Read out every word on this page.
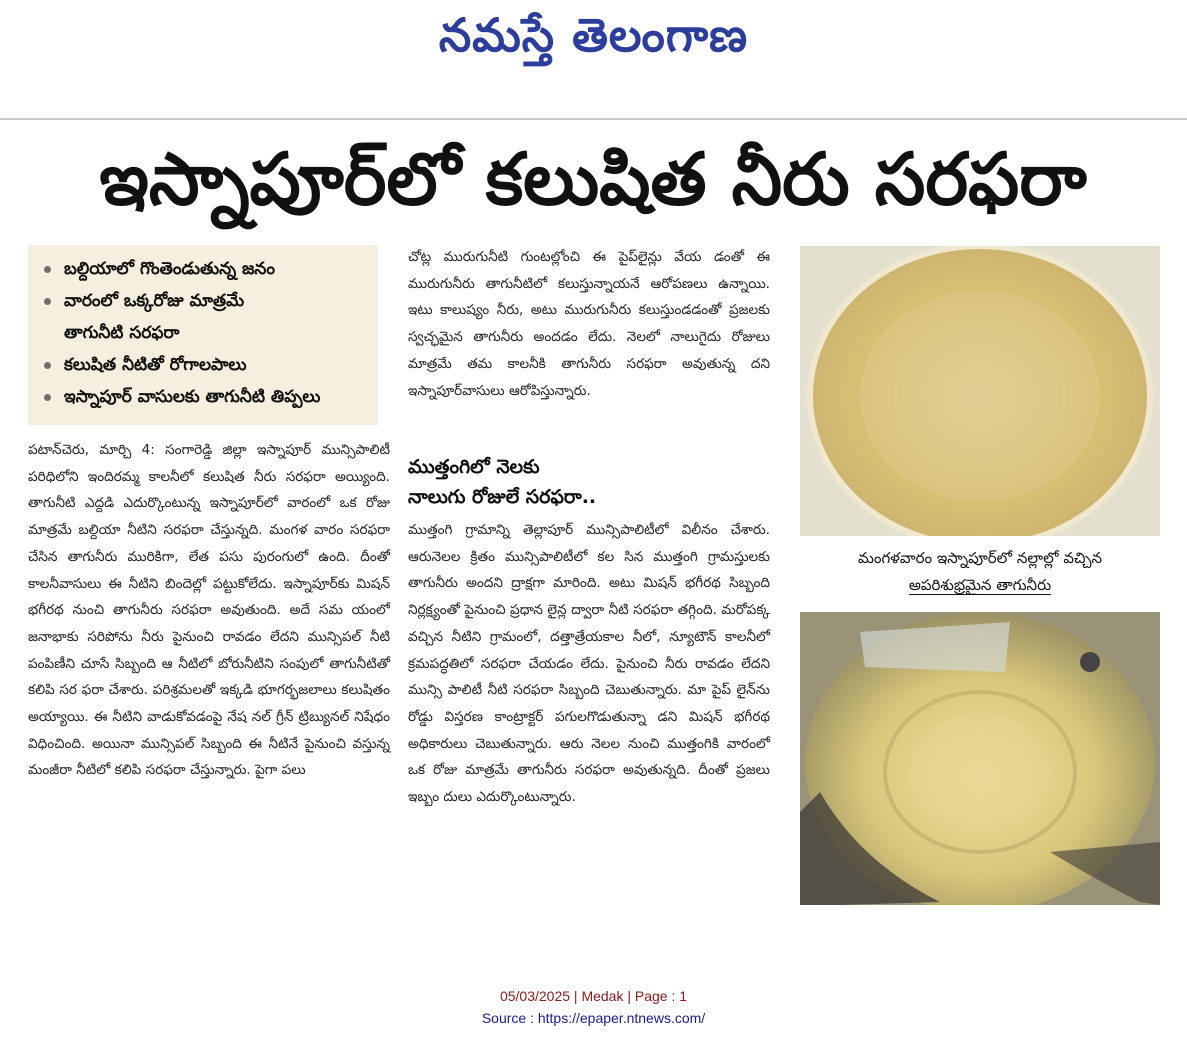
నమస్తే తెలంగాణ
ఇస్నాపూర్‌లో కలుషిత నీరు సరఫరా
బల్దియాలో గొంతెండుతున్న జనం
వారంలో ఒక్కరోజు మాత్రమే
తాగునీటి సరఫరా
కలుషిత నీటితో రోగాలపాలు
ఇస్నాపూర్ వాసులకు తాగునీటి తిప్పలు

పటాన్‌చెరు, మార్చి 4: సంగారెడ్డి జిల్లా ఇస్నాపూర్ మున్సిపాలిటీ పరిధిలోని ఇందిరమ్మ కాలనీలో కలుషిత నీరు సరఫరా అయ్యింది. తాగునీటి ఎద్దడి ఎదుర్కొంటున్న ఇస్నాపూర్‌లో వారంలో ఒక రోజు మాత్రమే బల్దియా నీటిని సరఫరా చేస్తున్నది. మంగళ వారం సరఫరా చేసిన తాగునీరు మురికిగా, లేత పసు పురంగులో ఉంది. దీంతో కాలనీవాసులు ఈ నీటిని బిందెల్లో పట్టుకోలేదు. ఇస్నాపూర్‌కు మిషన్ భగీరథ నుంచి తాగునీరు సరఫరా అవుతుంది. అదే సమ యంలో జనాభాకు సరిపోను నీరు పైనుంచి రావడం లేదని మున్సిపల్ నీటి పంపిణీని చూసే సిబ్బంది ఆ నీటిలో బోరునీటిని సంపులో తాగునీటితో కలిపి సర ఫరా చేశారు. పరిశ్రమలతో ఇక్కడి భూగర్భజలాలు కలుషితం అయ్యాయి. ఈ నీటిని వాడుకోవడంపై నేష నల్ గ్రీన్ ట్రిబ్యునల్ నిషేధం విధించింది. అయినా మున్సిపల్ సిబ్బంది ఈ నీటినే పైనుంచి వస్తున్న మంజీరా నీటిలో కలిపి సరఫరా చేస్తున్నారు. పైగా పలు

చోట్ల మురుగునీటి గుంటల్లోంచి ఈ పైప్‌లైన్లు వేయ డంతో ఈ మురుగునీరు తాగునీటిలో కలుస్తున్నాయనే ఆరోపణలు ఉన్నాయి. ఇటు కాలుష్యం నీరు, అటు మురుగునీరు కలుస్తుండడంతో ప్రజలకు స్వచ్ఛమైన తాగునీరు అందడం లేదు. నెలలో నాలుగైదు రోజులు మాత్రమే తమ కాలనీకి తాగునీరు సరఫరా అవుతున్న దని ఇస్నాపూర్‌వాసులు ఆరోపిస్తున్నారు.

ముత్తంగిలో నెలకు
నాలుగు రోజులే సరఫరా..

ముత్తంగి గ్రామాన్ని తెల్లాపూర్ మున్సిపాలిటీలో విలీనం చేశారు. ఆరునెలల క్రితం మున్సిపాలిటీలో కల సిన ముత్తంగి గ్రామస్తులకు తాగునీరు అందని ద్రాక్షగా మారింది. అటు మిషన్ భగీరథ సిబ్బంది నిర్లక్ష్యంతో పైనుంచి ప్రధాన లైన్ల ద్వారా నీటి సరఫరా తగ్గింది. మరోపక్క వచ్చిన నీటిని గ్రామంలో, దత్తాత్రేయకాల నీలో, న్యూటౌన్ కాలనీలో క్రమపద్ధతిలో సరఫరా చేయడం లేదు. పైనుంచి నీరు రావడం లేదని మున్సి పాలిటీ నీటి సరఫరా సిబ్బంది చెబుతున్నారు. మా పైప్ లైన్‌ను రోడ్డు విస్తరణ కాంట్రాక్టర్ పగులగొడుతున్నా డని మిషన్ భగీరథ అధికారులు చెబుతున్నారు. ఆరు నెలల నుంచి ముత్తంగికి వారంలో ఒక రోజు మాత్రమే తాగునీరు సరఫరా అవుతున్నది. దీంతో ప్రజలు ఇబ్బం దులు ఎదుర్కొంటున్నారు.

మంగళవారం ఇస్నాపూర్‌లో నల్లాల్లో వచ్చిన
అపరిశుభ్రమైన తాగునీరు
05/03/2025 | Medak | Page : 1
Source : https://epaper.ntnews.com/
